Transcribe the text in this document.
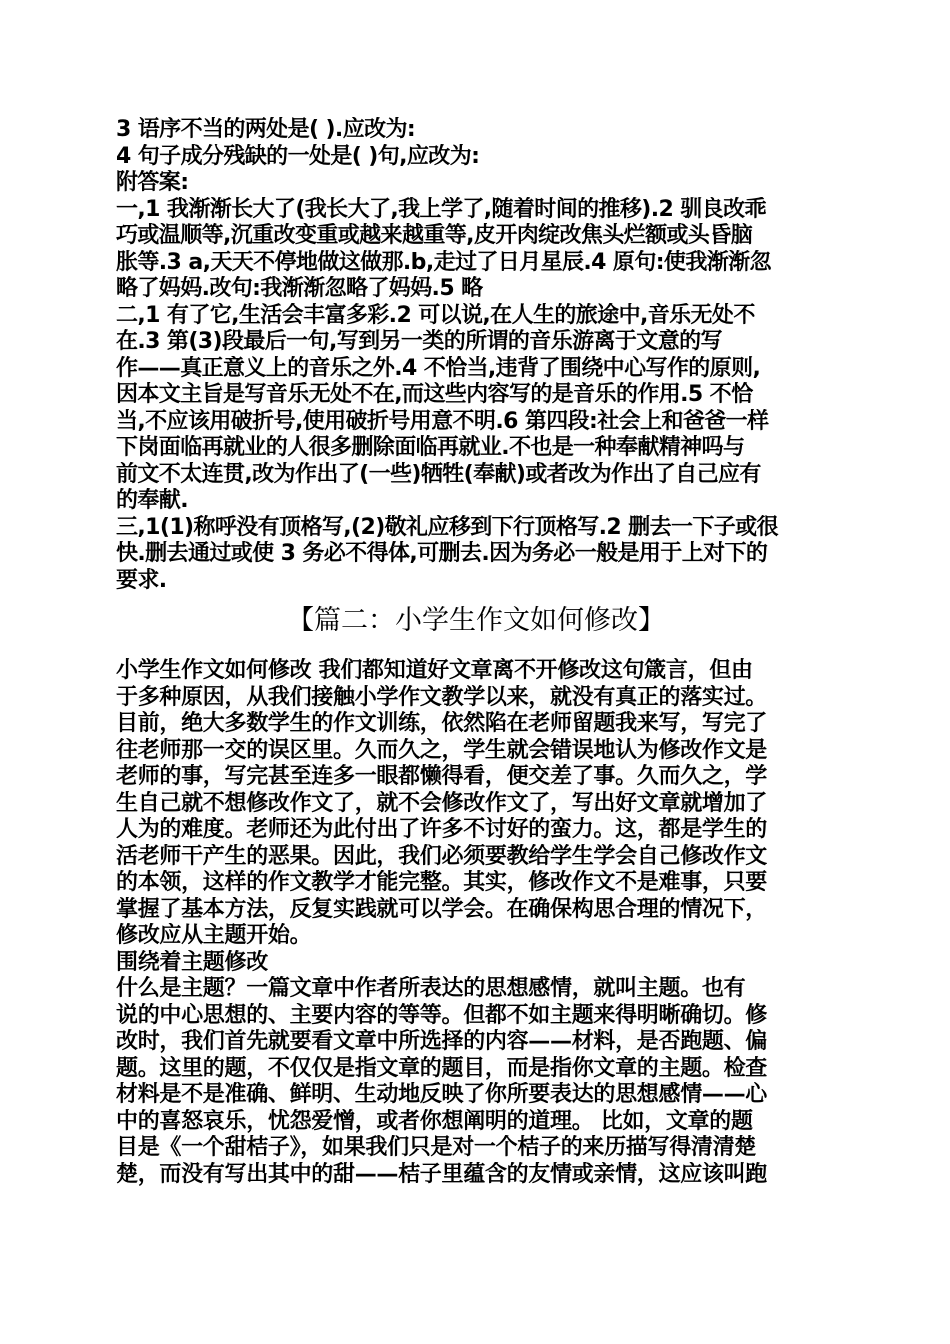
3 语序不当的两处是( ).应改为:
4 句子成分残缺的一处是( )句,应改为:
附答案:
一,1 我渐渐长大了(我长大了,我上学了,随着时间的推移).2 驯良改乖
巧或温顺等,沉重改变重或越来越重等,皮开肉绽改焦头烂额或头昏脑
胀等.3 a,天天不停地做这做那.b,走过了日月星辰.4 原句:使我渐渐忽
略了妈妈.改句:我渐渐忽略了妈妈.5 略
二,1 有了它,生活会丰富多彩.2 可以说,在人生的旅途中,音乐无处不
在.3 第(3)段最后一句,写到另一类的所谓的音乐游离于文意的写
作——真正意义上的音乐之外.4 不恰当,违背了围绕中心写作的原则,
因本文主旨是写音乐无处不在,而这些内容写的是音乐的作用.5 不恰
当,不应该用破折号,使用破折号用意不明.6 第四段:社会上和爸爸一样
下岗面临再就业的人很多删除面临再就业.不也是一种奉献精神吗与
前文不太连贯,改为作出了(一些)牺牲(奉献)或者改为作出了自己应有
的奉献.
三,1(1)称呼没有顶格写,(2)敬礼应移到下行顶格写.2 删去一下子或很
快.删去通过或使 3 务必不得体,可删去.因为务必一般是用于上对下的
要求.
【篇二：小学生作文如何修改】
小学生作文如何修改 我们都知道好文章离不开修改这句箴言，但由
于多种原因，从我们接触小学作文教学以来，就没有真正的落实过。
目前，绝大多数学生的作文训练，依然陷在老师留题我来写，写完了
往老师那一交的误区里。久而久之，学生就会错误地认为修改作文是
老师的事，写完甚至连多一眼都懒得看，便交差了事。久而久之，学
生自己就不想修改作文了，就不会修改作文了，写出好文章就增加了
人为的难度。老师还为此付出了许多不讨好的蛮力。这，都是学生的
活老师干产生的恶果。因此，我们必须要教给学生学会自己修改作文
的本领，这样的作文教学才能完整。其实，修改作文不是难事，只要
掌握了基本方法，反复实践就可以学会。在确保构思合理的情况下，
修改应从主题开始。
围绕着主题修改
什么是主题？一篇文章中作者所表达的思想感情，就叫主题。也有
说的中心思想的、主要内容的等等。但都不如主题来得明晰确切。修
改时，我们首先就要看文章中所选择的内容——材料，是否跑题、偏
题。这里的题，不仅仅是指文章的题目，而是指你文章的主题。检查
材料是不是准确、鲜明、生动地反映了你所要表达的思想感情——心
中的喜怒哀乐，忧怨爱憎，或者你想阐明的道理。 比如，文章的题
目是《一个甜桔子》，如果我们只是对一个桔子的来历描写得清清楚
楚，而没有写出其中的甜——桔子里蕴含的友情或亲情，这应该叫跑
